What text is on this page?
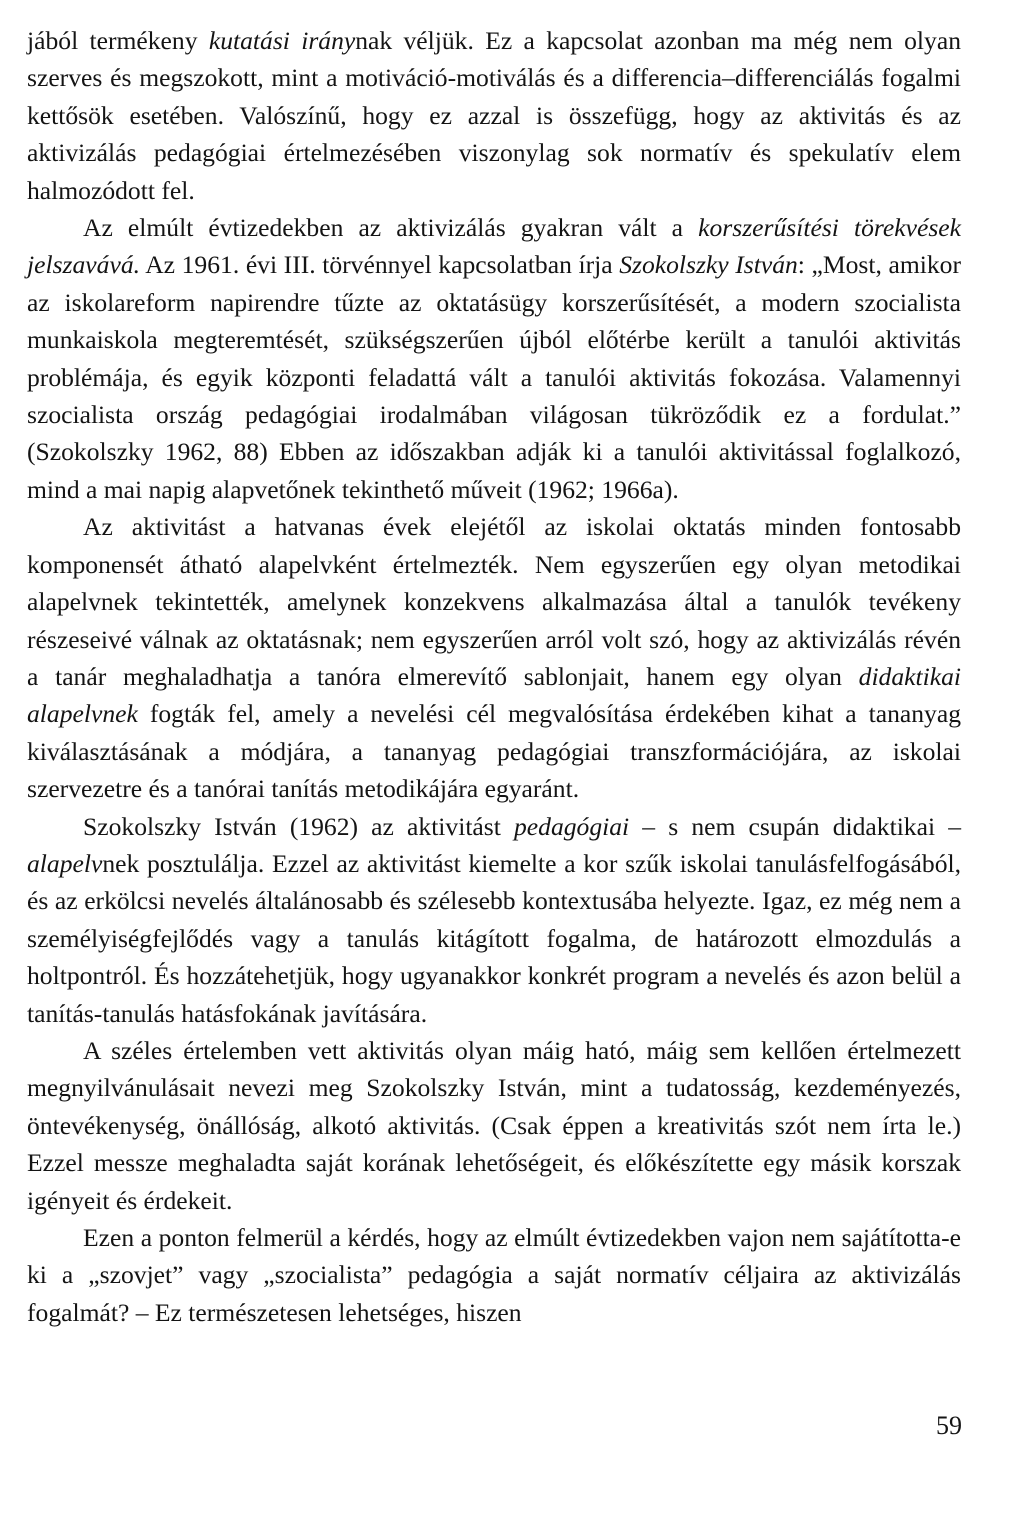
jából termékeny kutatási iránynak véljük. Ez a kapcsolat azonban ma még nem olyan szerves és megszokott, mint a motiváció-motiválás és a differencia–differenciálás fogalmi kettősök esetében. Valószínű, hogy ez azzal is összefügg, hogy az aktivitás és az aktivizálás pedagógiai értelmezésében viszonylag sok normatív és spekulatív elem halmozódott fel.

Az elmúlt évtizedekben az aktivizálás gyakran vált a korszerűsítési törekvések jelszavává. Az 1961. évi III. törvénnyel kapcsolatban írja Szokolszky István: „Most, amikor az iskolareform napirendre tűzte az oktatásügy korszerűsítését, a modern szocialista munkaiskola megteremtését, szükségszerűen újból előtérbe került a tanulói aktivitás problémája, és egyik központi feladattá vált a tanulói aktivitás fokozása. Valamennyi szocialista ország pedagógiai irodalmában világosan tükröződik ez a fordulat.” (Szokolszky 1962, 88) Ebben az időszakban adják ki a tanulói aktivitással foglalkozó, mind a mai napig alapvetőnek tekinthető műveit (1962; 1966a).

Az aktivitást a hatvanas évek elejétől az iskolai oktatás minden fontosabb komponensét átható alapelvként értelmezték. Nem egyszerűen egy olyan metodikai alapelvnek tekintették, amelynek konzekvens alkalmazása által a tanulók tevékeny részeseivé válnak az oktatásnak; nem egyszerűen arról volt szó, hogy az aktivizálás révén a tanár meghaladhatja a tanóra elmerevítő sablonjait, hanem egy olyan didaktikai alapelvnek fogták fel, amely a nevelési cél megvalósítása érdekében kihat a tananyag kiválasztásának a módjára, a tananyag pedagógiai transzformációjára, az iskolai szervezetre és a tanórai tanítás metodikájára egyaránt.

Szokolszky István (1962) az aktivitást pedagógiai – s nem csupán didaktikai – alapelvnek posztulálja. Ezzel az aktivitást kiemelte a kor szűk iskolai tanulásfelfogásából, és az erkölcsi nevelés általánosabb és szélesebb kontextusába helyezte. Igaz, ez még nem a személyiségfejlődés vagy a tanulás kitágított fogalma, de határozott elmozdulás a holtpontról. És hozzátehetjük, hogy ugyanakkor konkrét program a nevelés és azon belül a tanítás-tanulás hatásfokának javítására.

A széles értelemben vett aktivitás olyan máig ható, máig sem kellően értelmezett megnyilvánulásait nevezi meg Szokolszky István, mint a tudatosság, kezdeményezés, öntevékenység, önállóság, alkotó aktivitás. (Csak éppen a kreativitás szót nem írta le.) Ezzel messze meghaladta saját korának lehetőségeit, és előkészítette egy másik korszak igényeit és érdekeit.

Ezen a ponton felmerül a kérdés, hogy az elmúlt évtizedekben vajon nem sajátította-e ki a „szovjet” vagy „szocialista” pedagógia a saját normatív céljaira az aktivizálás fogalmát? – Ez természetesen lehetséges, hiszen

59
